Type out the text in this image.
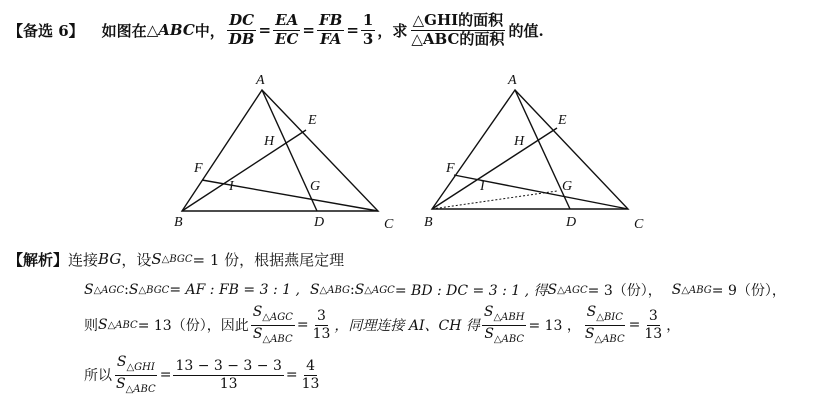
【备选 6】 如图在 △ABC 中， $\frac{DC}{DB} = \frac{EA}{EC} = \frac{FB}{FA} = \frac{1}{3}$ ，求 $\frac{\text{△GHI的面积}}{\text{△ABC的面积}}$ 的值.
A
B	C
D
E
F
H
I	G
A
B	C
D
E
F
H
I	G
【解析】 连接 BG ，设 S △BGC = 1 份，根据燕尾定理
S △AGC : S △BGC = AF : FB = 3 : 1 , S △ABG : S △AGC = BD : DC = 3 : 1 , 得 S △AGC = 3（份）， S △ABG = 9（份），
则 S △ABC = 13（份），因此 $\frac{S_{\triangle AGC}}{S_{\triangle ABC}} = \frac{3}{13}$ ，同理连接 AI、CH 得 $\frac{S_{\triangle ABH}}{S_{\triangle ABC}} = 13$ ， $\frac{S_{\triangle BIC}}{S_{\triangle ABC}} = \frac{3}{13}$ ，
所以 $\frac{S_{\triangle GHI}}{S_{\triangle ABC}} = \frac{13 - 3 - 3 - 3}{13} = \frac{4}{13}$
